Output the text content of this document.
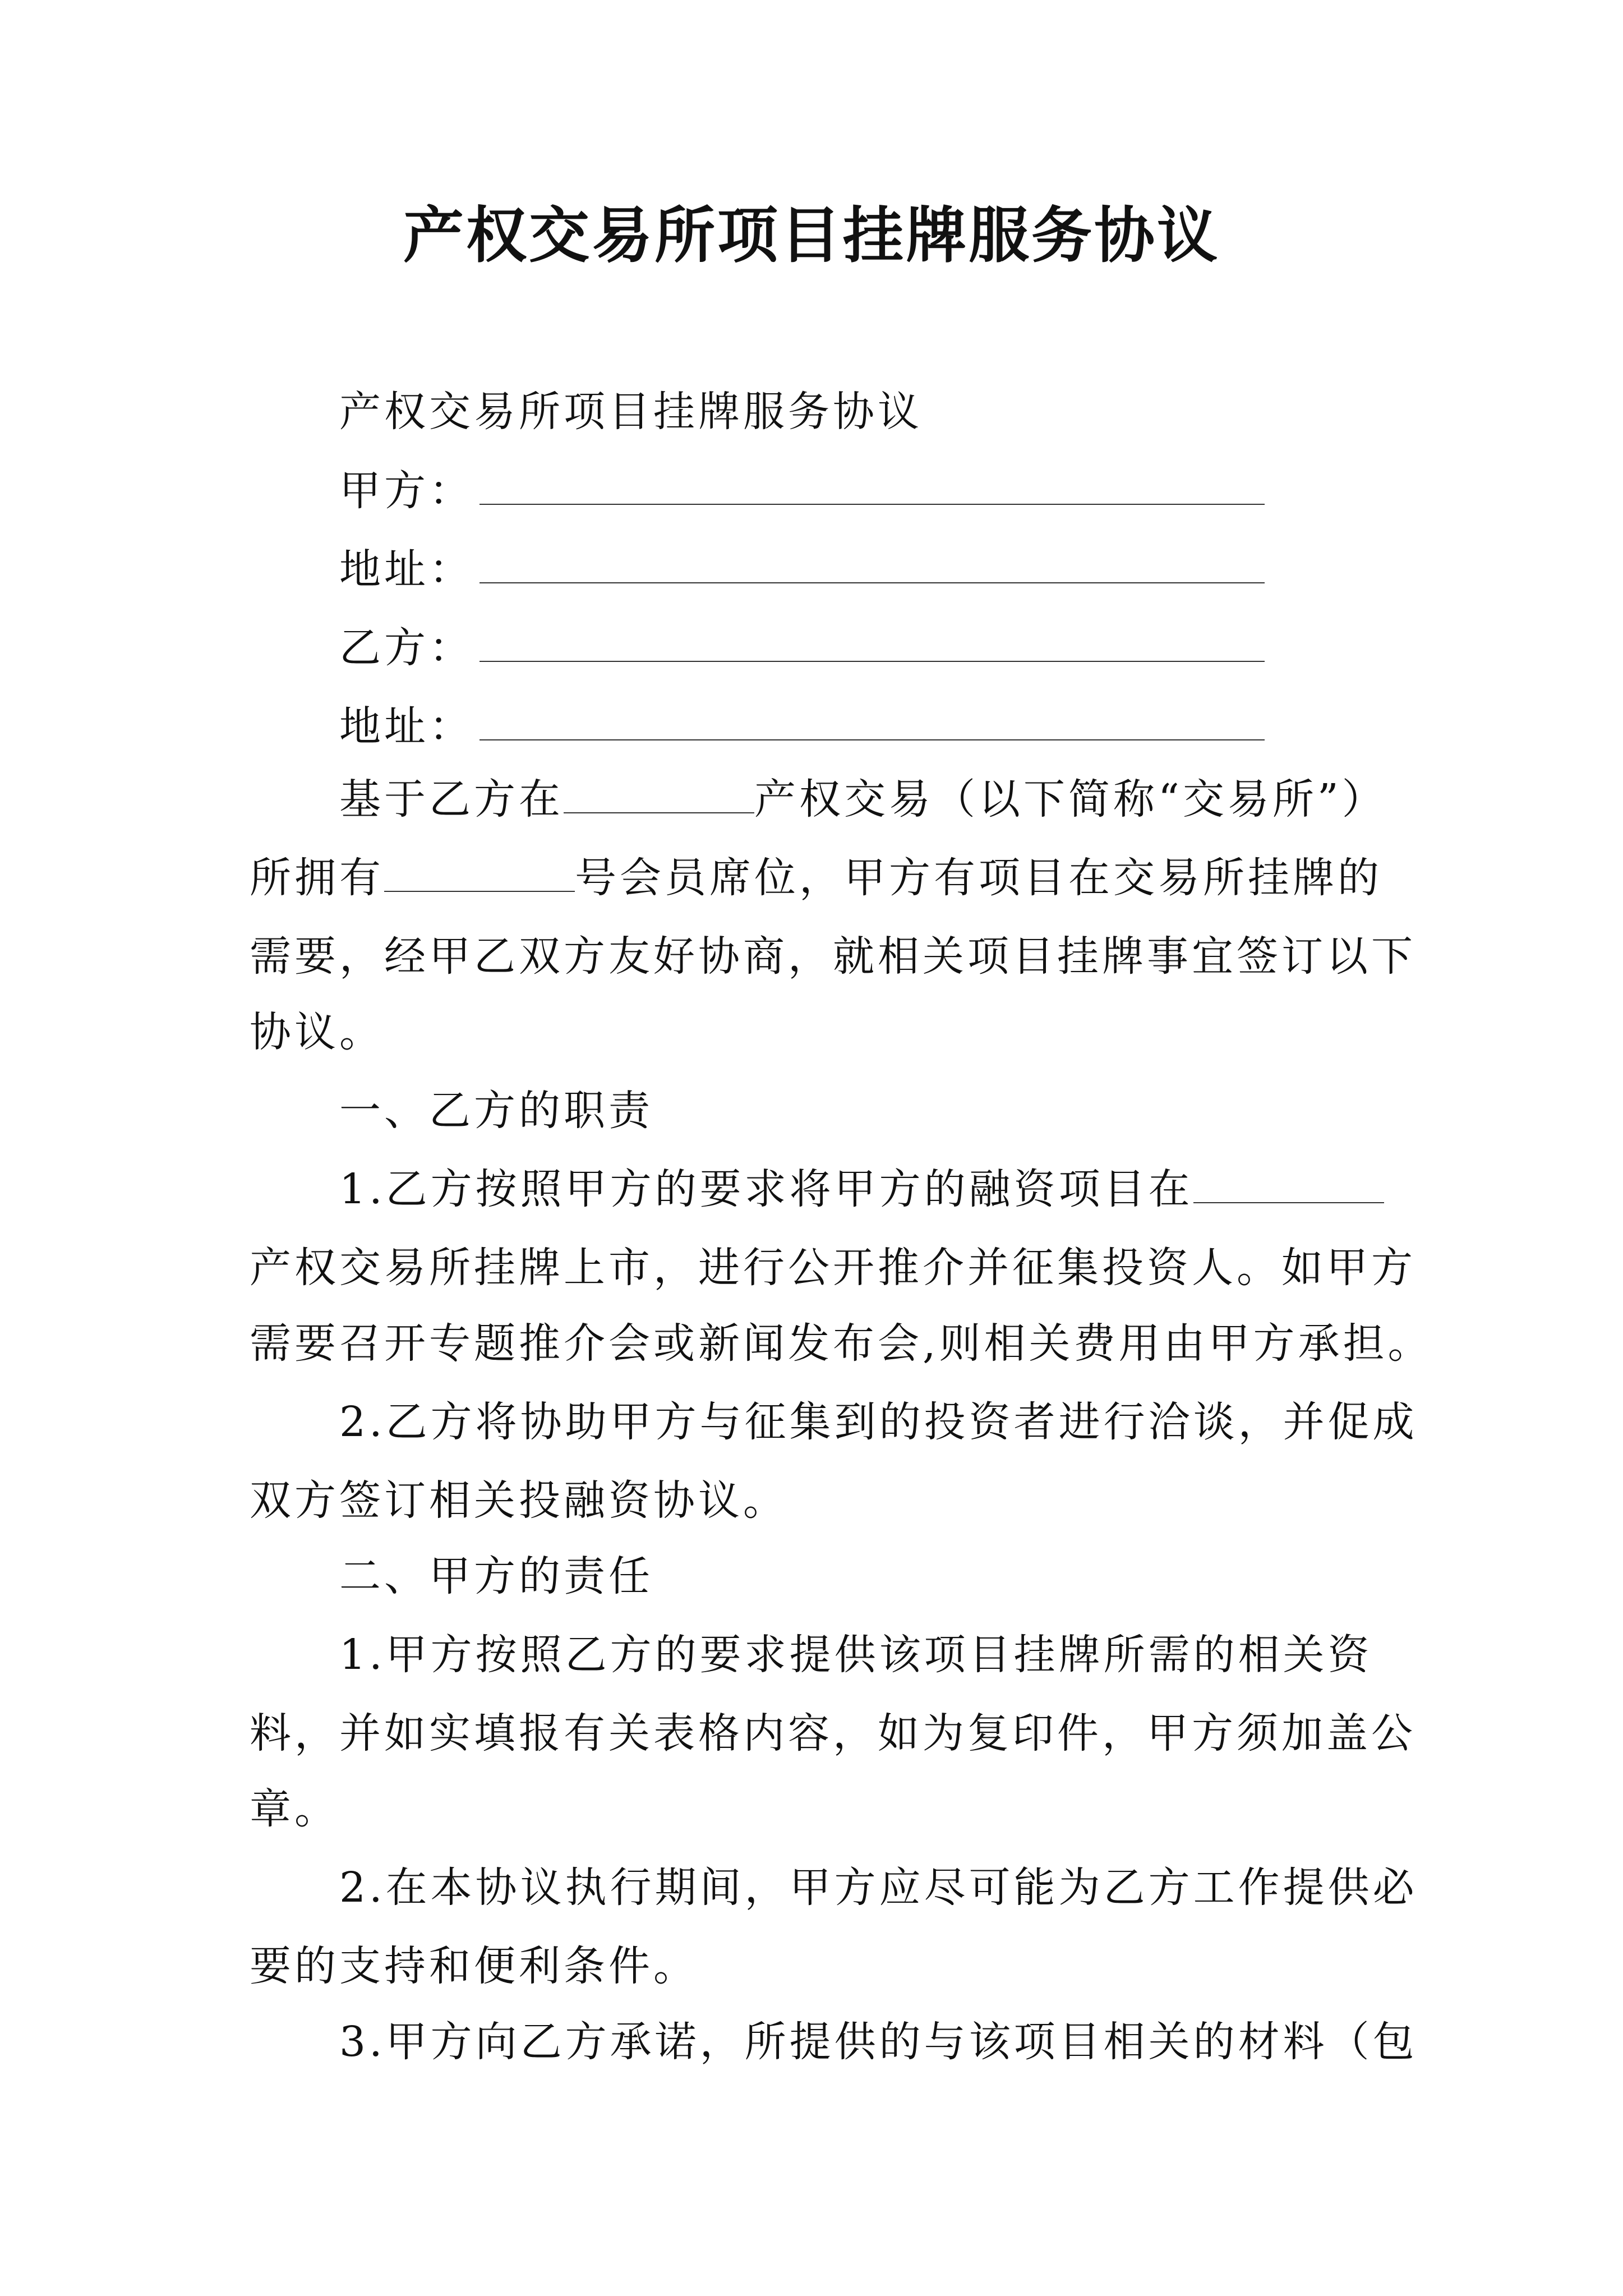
产权交易所项目挂牌服务协议

产权交易所项目挂牌服务协议

甲方：

地址：

乙方：

地址：

基于乙方在	产权交易（以下简称“交易所”）

所拥有	号会员席位，甲方有项目在交易所挂牌的

需要，经甲乙双方友好协商，就相关项目挂牌事宜签订以下

协议。

一、乙方的职责

1.乙方按照甲方的要求将甲方的融资项目在

产权交易所挂牌上市，进行公开推介并征集投资人。如甲方

需要召开专题推介会或新闻发布会,则相关费用由甲方承担。

2.乙方将协助甲方与征集到的投资者进行洽谈，并促成

双方签订相关投融资协议。

二、甲方的责任

1.甲方按照乙方的要求提供该项目挂牌所需的相关资

料，并如实填报有关表格内容，如为复印件，甲方须加盖公

章。

2.在本协议执行期间，甲方应尽可能为乙方工作提供必

要的支持和便利条件。

3.甲方向乙方承诺，所提供的与该项目相关的材料（包
